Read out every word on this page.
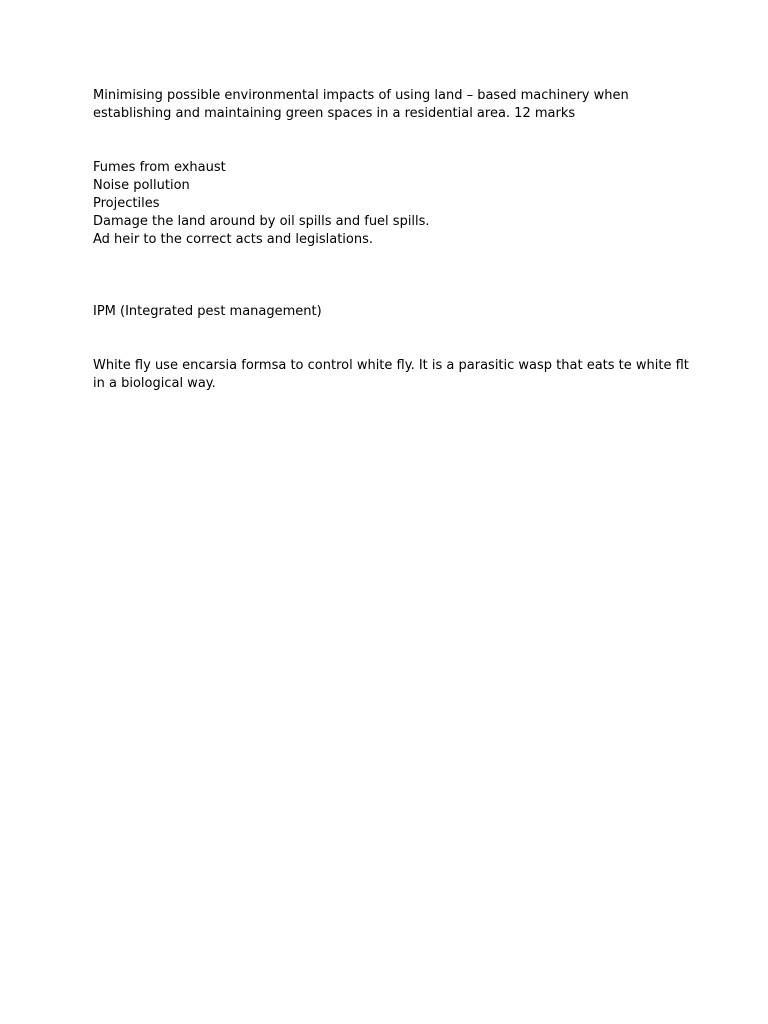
Minimising possible environmental impacts of using land – based machinery when
establishing and maintaining green spaces in a residential area. 12 marks

Fumes from exhaust
Noise pollution
Projectiles
Damage the land around by oil spills and fuel spills.
Ad heir to the correct acts and legislations.

IPM (Integrated pest management)

White fly use encarsia formsa to control white fly. It is a parasitic wasp that eats te white flt
in a biological way.
